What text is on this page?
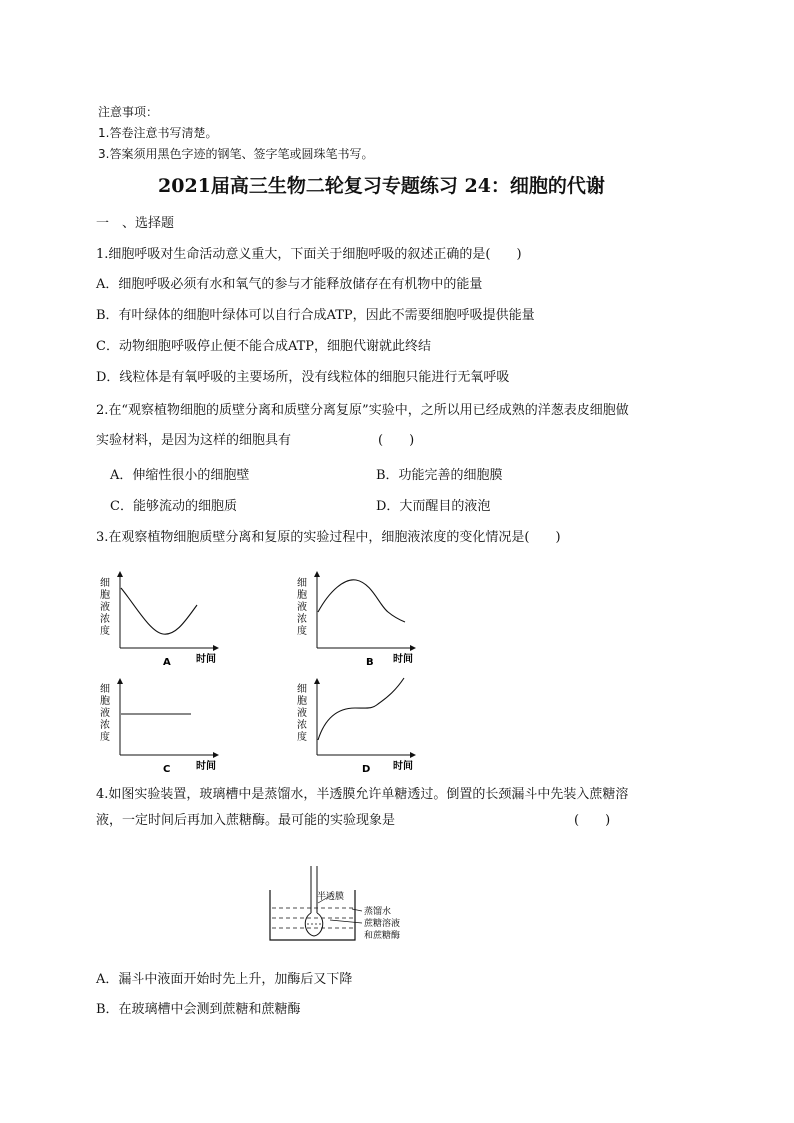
注意事项：
1.答卷注意书写清楚。
3.答案须用黑色字迹的钢笔、签字笔或圆珠笔书写。
2021届高三生物二轮复习专题练习 24：细胞的代谢
一　、选择题
1.细胞呼吸对生命活动意义重大，下面关于细胞呼吸的叙述正确的是(　　)
A．细胞呼吸必须有水和氧气的参与才能释放储存在有机物中的能量
B．有叶绿体的细胞叶绿体可以自行合成ATP，因此不需要细胞呼吸提供能量
C．动物细胞呼吸停止便不能合成ATP，细胞代谢就此终结
D．线粒体是有氧呼吸的主要场所，没有线粒体的细胞只能进行无氧呼吸
2.在“观察植物细胞的质壁分离和质壁分离复原”实验中，之所以用已经成熟的洋葱表皮细胞做
实验材料，是因为这样的细胞具有	(　　)
A．伸缩性很小的细胞壁	B．功能完善的细胞膜
C．能够流动的细胞质	D．大而醒目的液泡
3.在观察植物细胞质壁分离和复原的实验过程中，细胞液浓度的变化情况是(　　)
细
胞
液
浓
度
时间
A
细
胞
液
浓
度
时间
B
细
胞
液
浓
度
时间
C
细
胞
液
浓
度
时间
D
半透膜
蒸馏水
蔗糖溶液
和蔗糖酶
4.如图实验装置，玻璃槽中是蒸馏水，半透膜允许单糖透过。倒置的长颈漏斗中先装入蔗糖溶
液，一定时间后再加入蔗糖酶。最可能的实验现象是	(　　)
A．漏斗中液面开始时先上升，加酶后又下降
B．在玻璃槽中会测到蔗糖和蔗糖酶
